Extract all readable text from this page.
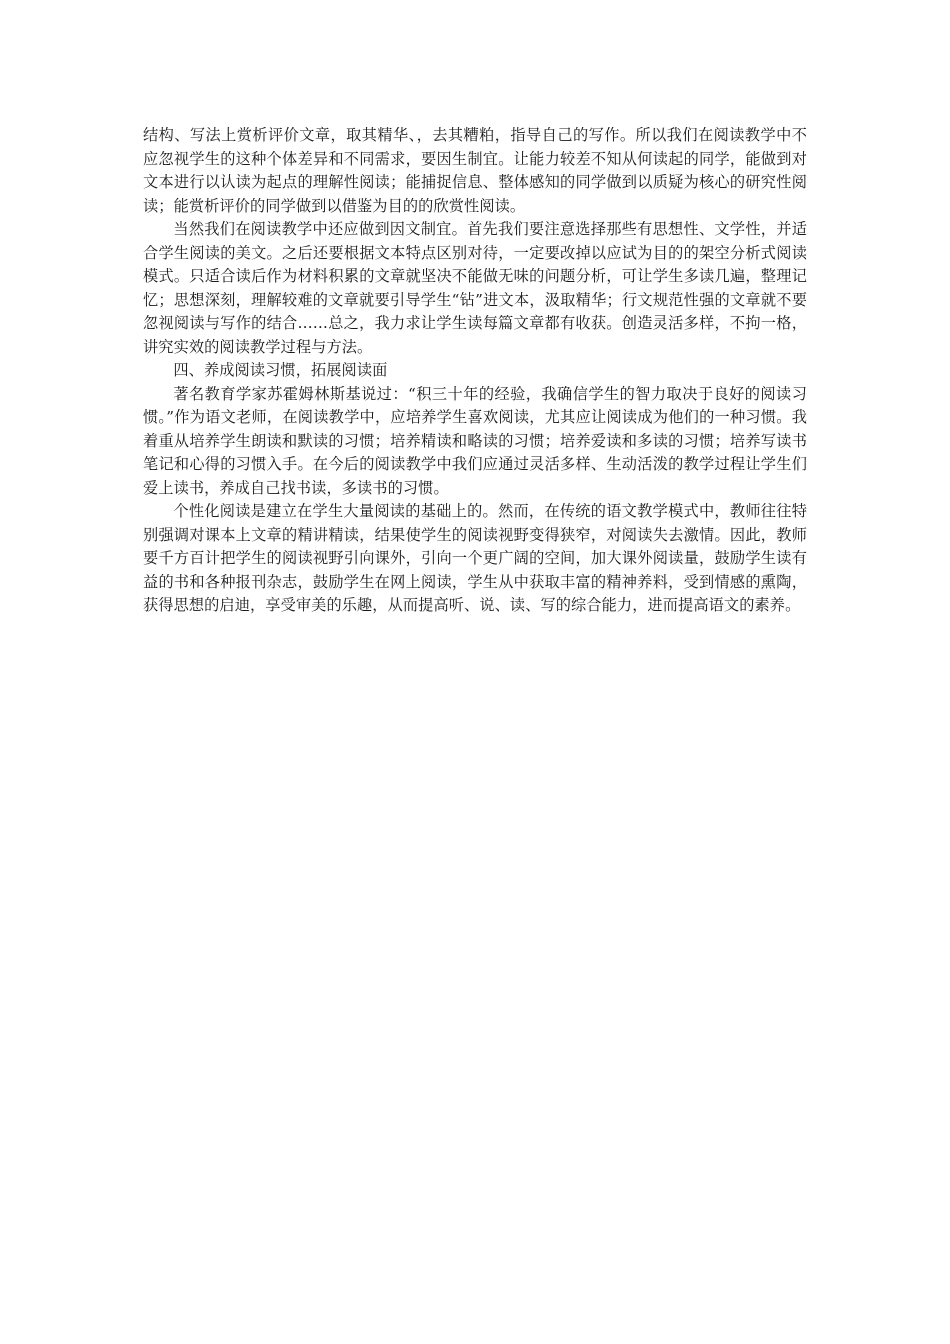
结构、写法上赏析评价文章，取其精华、，去其糟粕，指导自己的写作。所以我们在阅读教学中不应忽视学生的这种个体差异和不同需求，要因生制宜。让能力较差不知从何读起的同学，能做到对文本进行以认读为起点的理解性阅读；能捕捉信息、整体感知的同学做到以质疑为核心的研究性阅读；能赏析评价的同学做到以借鉴为目的的欣赏性阅读。

当然我们在阅读教学中还应做到因文制宜。首先我们要注意选择那些有思想性、文学性，并适合学生阅读的美文。之后还要根据文本特点区别对待，一定要改掉以应试为目的的架空分析式阅读模式。只适合读后作为材料积累的文章就坚决不能做无味的问题分析，可让学生多读几遍，整理记忆；思想深刻，理解较难的文章就要引导学生“钻”进文本，汲取精华；行文规范性强的文章就不要忽视阅读与写作的结合……总之，我力求让学生读每篇文章都有收获。创造灵活多样，不拘一格，讲究实效的阅读教学过程与方法。

四、养成阅读习惯，拓展阅读面

著名教育学家苏霍姆林斯基说过：“积三十年的经验，我确信学生的智力取决于良好的阅读习惯。”作为语文老师，在阅读教学中，应培养学生喜欢阅读，尤其应让阅读成为他们的一种习惯。我着重从培养学生朗读和默读的习惯；培养精读和略读的习惯；培养爱读和多读的习惯；培养写读书笔记和心得的习惯入手。在今后的阅读教学中我们应通过灵活多样、生动活泼的教学过程让学生们爱上读书，养成自己找书读，多读书的习惯。

个性化阅读是建立在学生大量阅读的基础上的。然而，在传统的语文教学模式中，教师往往特别强调对课本上文章的精讲精读，结果使学生的阅读视野变得狭窄，对阅读失去激情。因此，教师要千方百计把学生的阅读视野引向课外，引向一个更广阔的空间，加大课外阅读量，鼓励学生读有益的书和各种报刊杂志，鼓励学生在网上阅读，学生从中获取丰富的精神养料，受到情感的熏陶，获得思想的启迪，享受审美的乐趣，从而提高听、说、读、写的综合能力，进而提高语文的素养。
